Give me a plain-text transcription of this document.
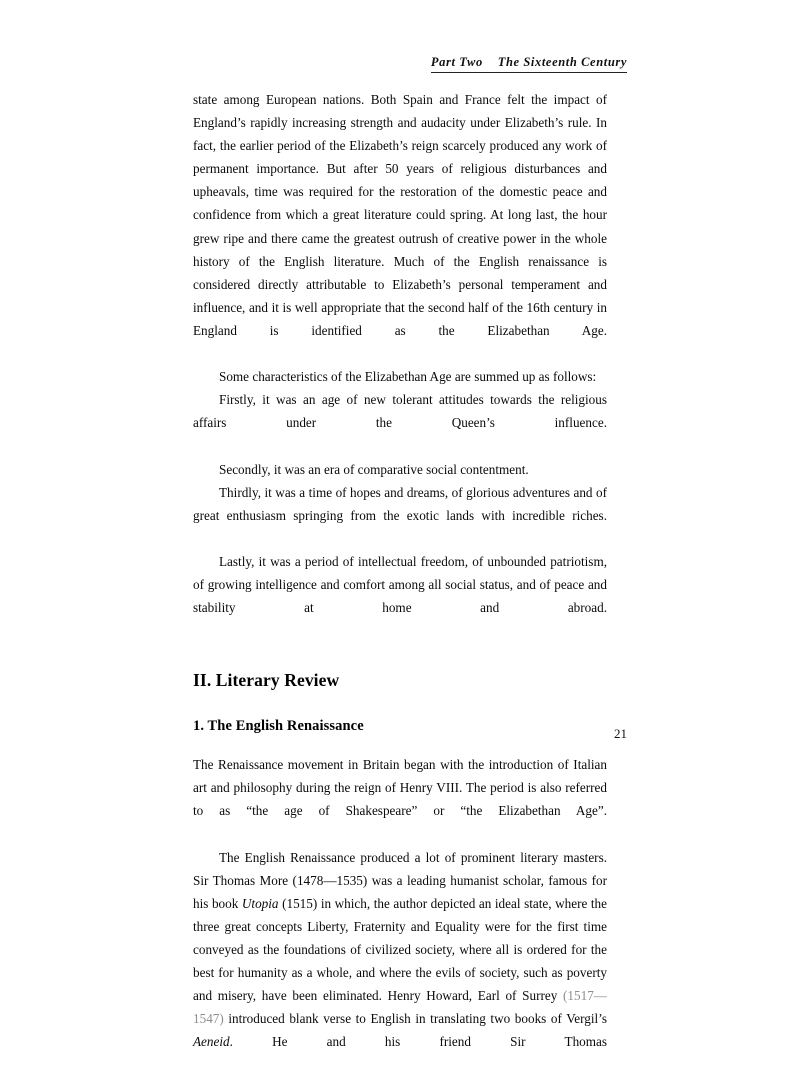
Part Two    The Sixteenth Century

state among European nations. Both Spain and France felt the impact of England’s rapidly increasing strength and audacity under Elizabeth’s rule. In fact, the earlier period of the Elizabeth’s reign scarcely produced any work of permanent importance. But after 50 years of religious disturbances and upheavals, time was required for the restoration of the domestic peace and confidence from which a great literature could spring. At long last, the hour grew ripe and there came the greatest outrush of creative power in the whole history of the English literature. Much of the English renaissance is considered directly attributable to Elizabeth’s personal temperament and influence, and it is well appropriate that the second half of the 16th century in England is identified as the Elizabethan Age.

Some characteristics of the Elizabethan Age are summed up as follows:

Firstly, it was an age of new tolerant attitudes towards the religious affairs under the Queen’s influence.

Secondly, it was an era of comparative social contentment.

Thirdly, it was a time of hopes and dreams, of glorious adventures and of great enthusiasm springing from the exotic lands with incredible riches.

Lastly, it was a period of intellectual freedom, of unbounded patriotism, of growing intelligence and comfort among all social status, and of peace and stability at home and abroad.

II. Literary Review
1. The English Renaissance

The Renaissance movement in Britain began with the introduction of Italian art and philosophy during the reign of Henry VIII. The period is also referred to as “the age of Shakespeare” or “the Elizabethan Age”.

The English Renaissance produced a lot of prominent literary masters. Sir Thomas More (1478—1535) was a leading humanist scholar, famous for his book Utopia (1515) in which, the author depicted an ideal state, where the three great concepts Liberty, Fraternity and Equality were for the first time conveyed as the foundations of civilized society, where all is ordered for the best for humanity as a whole, and where the evils of society, such as poverty and misery, have been eliminated. Henry Howard, Earl of Surrey (1517—1547) introduced blank verse to English in translating two books of Vergil’s Aeneid. He and his friend Sir Thomas

21
